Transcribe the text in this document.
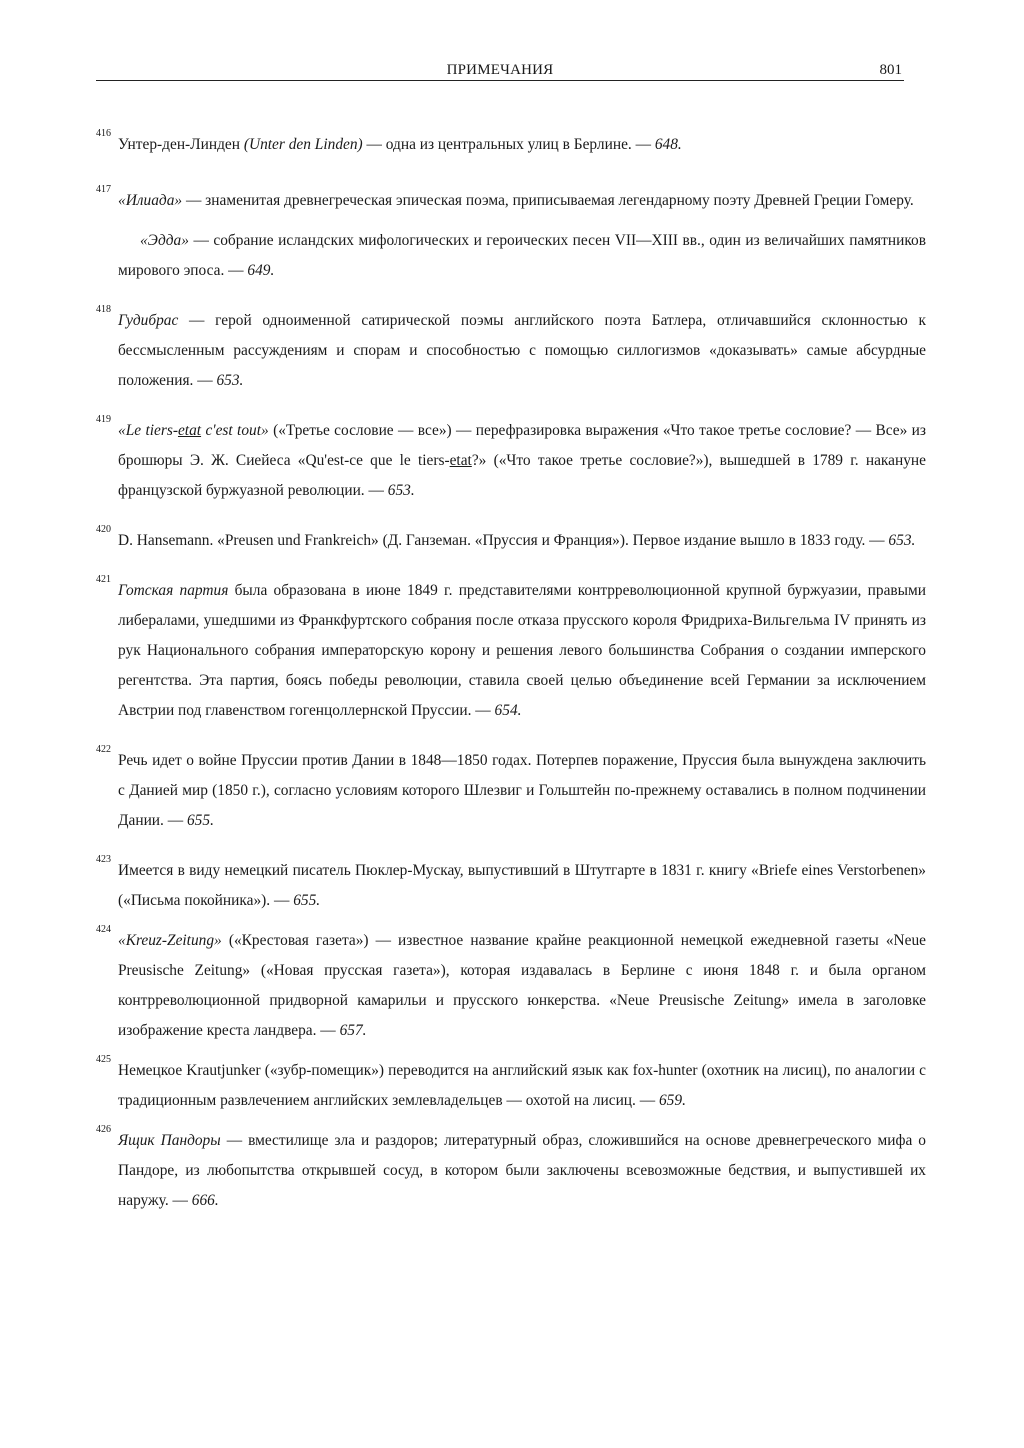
ПРИМЕЧАНИЯ	801
416

Унтер-ден-Линден (Unter den Linden) — одна из центральных улиц в Берлине. — 648.

417

«Илиада» — знаменитая древнегреческая эпическая поэма, приписываемая легендарному поэту Древней Греции Гомеру.

«Эдда» — собрание исландских мифологических и героических песен VII—XIII вв., один из величайших памятников мирового эпоса. — 649.

418

Гудибрас — герой одноименной сатирической поэмы английского поэта Батлера, отличавшийся склонностью к бессмысленным рассуждениям и спорам и способностью с помощью силлогизмов «доказывать» самые абсурдные положения. — 653.

419

«Le tiers-etat c'est tout» («Третье сословие — все») — перефразировка выражения «Что такое третье сословие? — Все» из брошюры Э. Ж. Сиейеса «Qu'est-ce que le tiers-etat?» («Что такое третье сословие?»), вышедшей в 1789 г. накануне французской буржуазной революции. — 653.

420

D. Hansemann. «Preusen und Frankreich» (Д. Ганземан. «Пруссия и Франция»). Первое издание вышло в 1833 году. — 653.

421

Готская партия была образована в июне 1849 г. представителями контрреволюционной крупной буржуазии, правыми либералами, ушедшими из Франкфуртского собрания после отказа прусского короля Фридриха-Вильгельма IV принять из рук Национального собрания императорскую корону и решения левого большинства Собрания о создании имперского регентства. Эта партия, боясь победы революции, ставила своей целью объединение всей Германии за исключением Австрии под главенством гогенцоллернской Пруссии. — 654.

422

Речь идет о войне Пруссии против Дании в 1848—1850 годах. Потерпев поражение, Пруссия была вынуждена заключить с Данией мир (1850 г.), согласно условиям которого Шлезвиг и Гольштейн по-прежнему оставались в полном подчинении Дании. — 655.

423

Имеется в виду немецкий писатель Пюклер-Мускау, выпустивший в Штутгарте в 1831 г. книгу «Briefe eines Verstorbenen» («Письма покойника»). — 655.

424

«Kreuz-Zeitung» («Крестовая газета») — известное название крайне реакционной немецкой ежедневной газеты «Neue Preusische Zeitung» («Новая прусская газета»), которая издавалась в Берлине с июня 1848 г. и была органом контрреволюционной придворной камарильи и прусского юнкерства. «Neue Preusische Zeitung» имела в заголовке изображение креста ландвера. — 657.

425

Немецкое Krautjunker («зубр-помещик») переводится на английский язык как fox-hunter (охотник на лисиц), по аналогии с традиционным развлечением английских землевладельцев — охотой на лисиц. — 659.

426

Ящик Пандоры — вместилище зла и раздоров; литературный образ, сложившийся на основе древнегреческого мифа о Пандоре, из любопытства открывшей сосуд, в котором были заключены всевозможные бедствия, и выпустившей их наружу. — 666.
